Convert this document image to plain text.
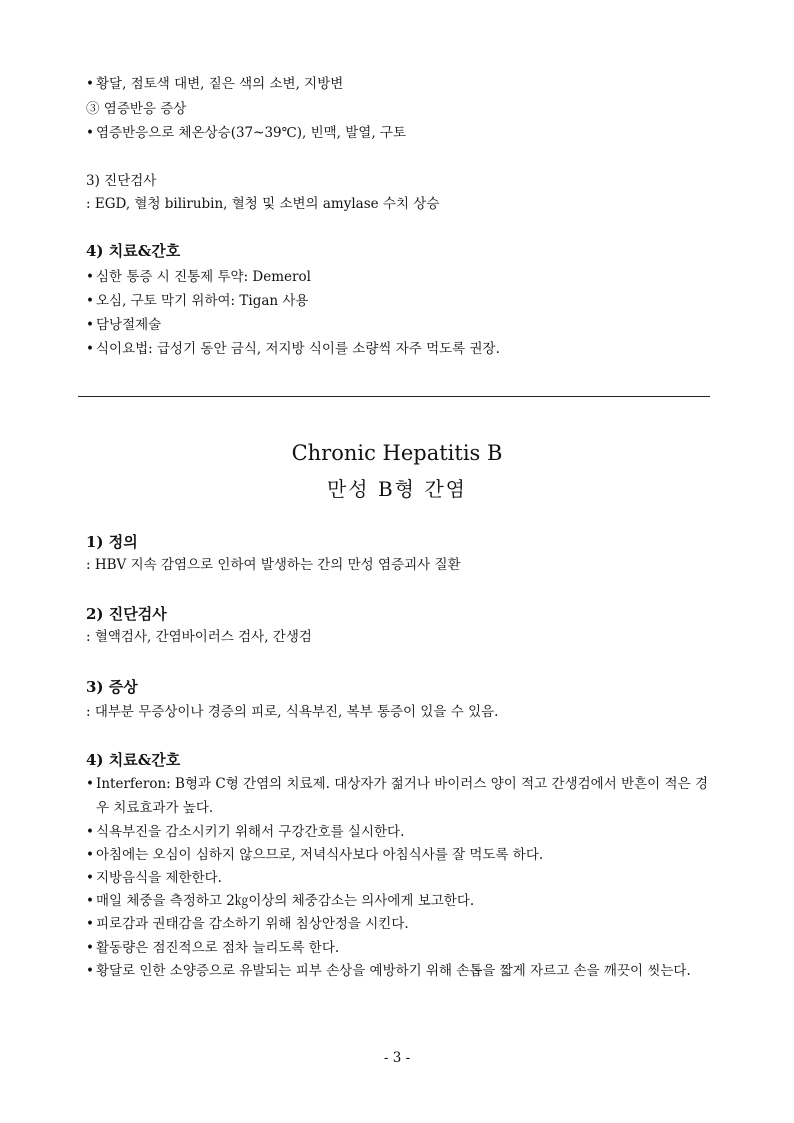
• 황달, 점토색 대변, 짙은 색의 소변, 지방변
③ 염증반응 증상
• 염증반응으로 체온상승(37~39℃), 빈맥, 발열, 구토
3) 진단검사
: EGD, 혈청 bilirubin, 혈청 및 소변의 amylase 수치 상승
4) 치료&간호
• 심한 통증 시 진통제 투약: Demerol
• 오심, 구토 막기 위하여: Tigan 사용
• 담낭절제술
• 식이요법: 급성기 동안 금식, 저지방 식이를 소량씩 자주 먹도록 권장.
Chronic Hepatitis B
만성 B형 간염
1) 정의
: HBV 지속 감염으로 인하여 발생하는 간의 만성 염증괴사 질환
2) 진단검사
: 혈액검사, 간염바이러스 검사, 간생검
3) 증상
: 대부분 무증상이나 경증의 피로, 식욕부진, 복부 통증이 있을 수 있음.
4) 치료&간호
• Interferon: B형과 C형 간염의 치료제. 대상자가 젊거나 바이러스 양이 적고 간생검에서 반흔이 적은 경우 치료효과가 높다.
• 식욕부진을 감소시키기 위해서 구강간호를 실시한다.
• 아침에는 오심이 심하지 않으므로, 저녁식사보다 아침식사를 잘 먹도록 하다.
• 지방음식을 제한한다.
• 매일 체중을 측정하고 2㎏이상의 체중감소는 의사에게 보고한다.
• 피로감과 권태감을 감소하기 위해 침상안정을 시킨다.
• 활동량은 점진적으로 점차 늘리도록 한다.
• 황달로 인한 소양증으로 유발되는 피부 손상을 예방하기 위해 손톱을 짧게 자르고 손을 깨끗이 씻는다.
- 3 -
